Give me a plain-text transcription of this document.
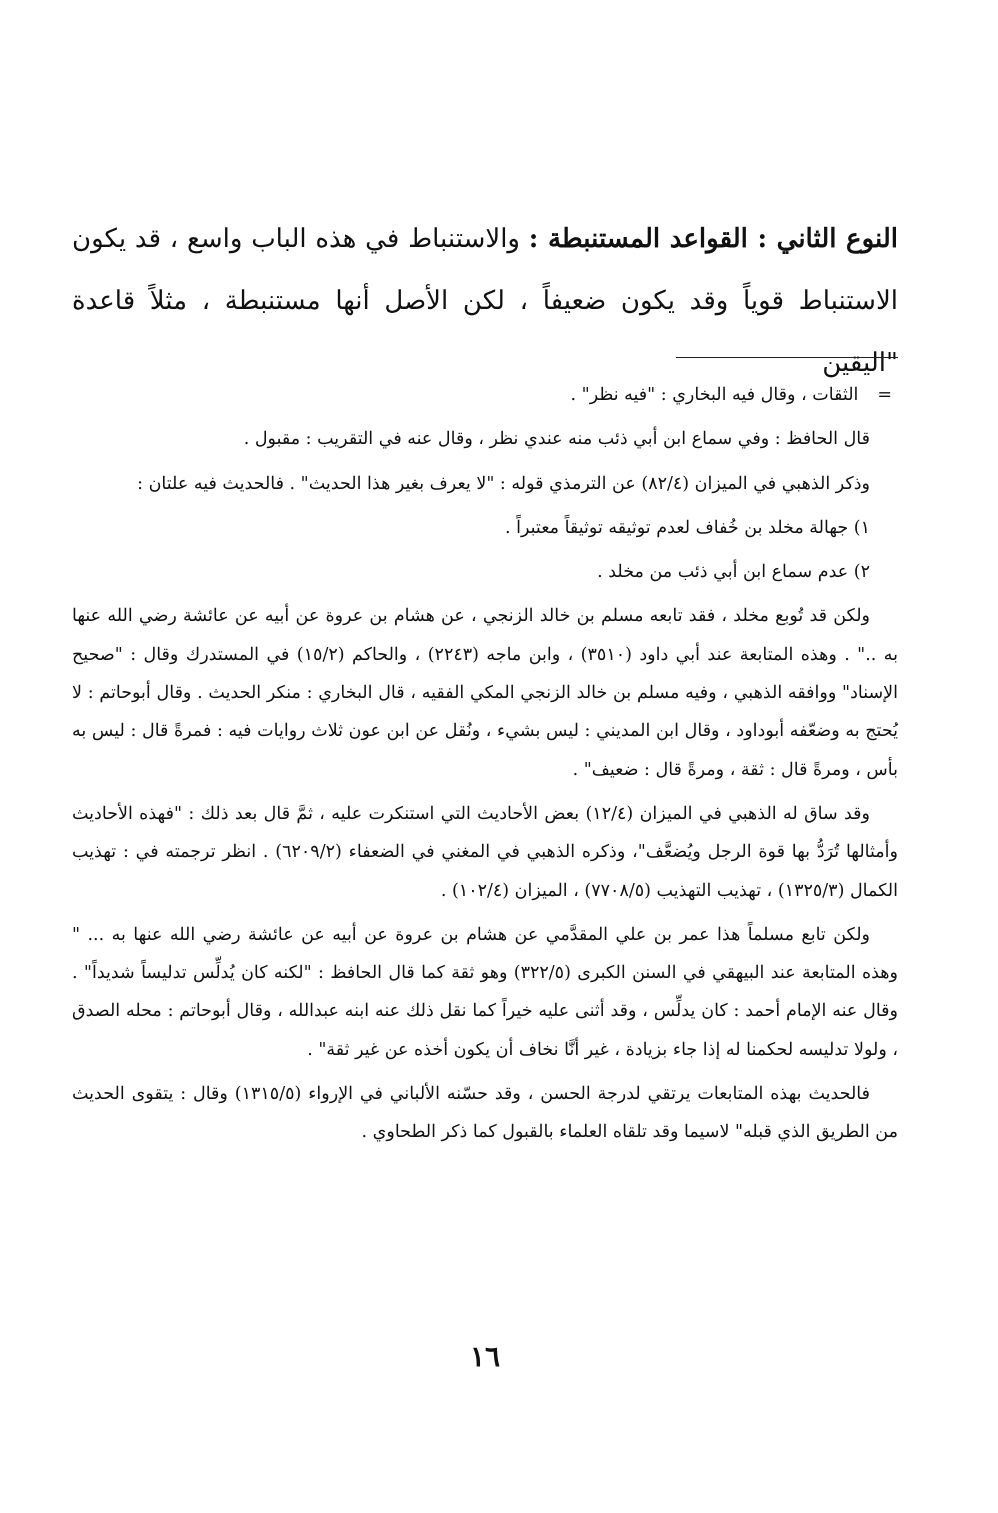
النوع الثاني : القواعد المستنبطة : والاستنباط في هذه الباب واسع ، قد يكون الاستنباط قوياً وقد يكون ضعيفاً ، لكن الأصل أنها مستنبطة ، مثلاً قاعدة "اليقين

= الثقات ، وقال فيه البخاري : "فيه نظر" .

قال الحافظ : وفي سماع ابن أبي ذئب منه عندي نظر ، وقال عنه في التقريب : مقبول .

وذكر الذهبي في الميزان (٨٢/٤) عن الترمذي قوله : "لا يعرف بغير هذا الحديث" . فالحديث فيه علتان :

١) جهالة مخلد بن خُفاف لعدم توثيقه توثيقاً معتبراً .

٢) عدم سماع ابن أبي ذئب من مخلد .

ولكن قد تُوبع مخلد ، فقد تابعه مسلم بن خالد الزنجي ، عن هشام بن عروة عن أبيه عن عائشة رضي الله عنها به .." . وهذه المتابعة عند أبي داود (٣٥١٠) ، وابن ماجه (٢٢٤٣) ، والحاكم (١٥/٢) في المستدرك وقال : "صحيح الإسناد" ووافقه الذهبي ، وفيه مسلم بن خالد الزنجي المكي الفقيه ، قال البخاري : منكر الحديث . وقال أبوحاتم : لا يُحتج به وضعّفه أبوداود ، وقال ابن المديني : ليس بشيء ، ونُقل عن ابن عون ثلاث روايات فيه : فمرةً قال : ليس به بأس ، ومرةً قال : ثقة ، ومرةً قال : ضعيف" .

وقد ساق له الذهبي في الميزان (١٢/٤) بعض الأحاديث التي استنكرت عليه ، ثمَّ قال بعد ذلك : "فهذه الأحاديث وأمثالها تُرَدُّ بها قوة الرجل ويُضعَّف"، وذكره الذهبي في المغني في الضعفاء (٦٢٠٩/٢) . انظر ترجمته في : تهذيب الكمال (١٣٢٥/٣) ، تهذيب التهذيب (٧٧٠٨/٥) ، الميزان (١٠٢/٤) .

ولكن تابع مسلماً هذا عمر بن علي المقدَّمي عن هشام بن عروة عن أبيه عن عائشة رضي الله عنها به ... " وهذه المتابعة عند البيهقي في السنن الكبرى (٣٢٢/٥) وهو ثقة كما قال الحافظ : "لكنه كان يُدلِّس تدليساً شديداً" . وقال عنه الإمام أحمد : كان يدلِّس ، وقد أثنى عليه خيراً كما نقل ذلك عنه ابنه عبدالله ، وقال أبوحاتم : محله الصدق ، ولولا تدليسه لحكمنا له إذا جاء بزيادة ، غير أنَّا نخاف أن يكون أخذه عن غير ثقة" .

فالحديث بهذه المتابعات يرتقي لدرجة الحسن ، وقد حسّنه الألباني في الإرواء (١٣١٥/٥) وقال : يتقوى الحديث من الطريق الذي قبله" لاسيما وقد تلقاه العلماء بالقبول كما ذكر الطحاوي .

١٦
